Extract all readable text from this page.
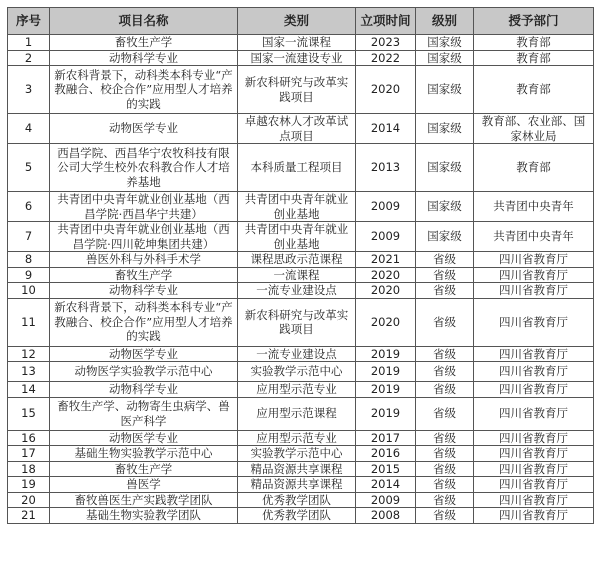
序号	项目名称	类别	立项时间	级别	授予部门
1	畜牧生产学	国家一流课程	2023	国家级	教育部
2	动物科学专业	国家一流建设专业	2022	国家级	教育部
3	新农科背景下，动科类本科专业“产教融合、校企合作”应用型人才培养的实践	新农科研究与改革实践项目	2020	国家级	教育部
4	动物医学专业	卓越农林人才改革试点项目	2014	国家级	教育部、农业部、国家林业局
5	西昌学院、西昌华宁农牧科技有限公司大学生校外农科教合作人才培养基地	本科质量工程项目	2013	国家级	教育部
6	共青团中央青年就业创业基地（西昌学院·西昌华宁共建）	共青团中央青年就业创业基地	2009	国家级	共青团中央青年
7	共青团中央青年就业创业基地（西昌学院·四川乾坤集团共建）	共青团中央青年就业创业基地	2009	国家级	共青团中央青年
8	兽医外科与外科手术学	课程思政示范课程	2021	省级	四川省教育厅
9	畜牧生产学	一流课程	2020	省级	四川省教育厅
10	动物科学专业	一流专业建设点	2020	省级	四川省教育厅
11	新农科背景下，动科类本科专业“产教融合、校企合作”应用型人才培养的实践	新农科研究与改革实践项目	2020	省级	四川省教育厅
12	动物医学专业	一流专业建设点	2019	省级	四川省教育厅
13	动物医学实验教学示范中心	实验教学示范中心	2019	省级	四川省教育厅
14	动物科学专业	应用型示范专业	2019	省级	四川省教育厅
15	畜牧生产学、动物寄生虫病学、兽医产科学	应用型示范课程	2019	省级	四川省教育厅
16	动物医学专业	应用型示范专业	2017	省级	四川省教育厅
17	基础生物实验教学示范中心	实验教学示范中心	2016	省级	四川省教育厅
18	畜牧生产学	精品资源共享课程	2015	省级	四川省教育厅
19	兽医学	精品资源共享课程	2014	省级	四川省教育厅
20	畜牧兽医生产实践教学团队	优秀教学团队	2009	省级	四川省教育厅
21	基础生物实验教学团队	优秀教学团队	2008	省级	四川省教育厅
